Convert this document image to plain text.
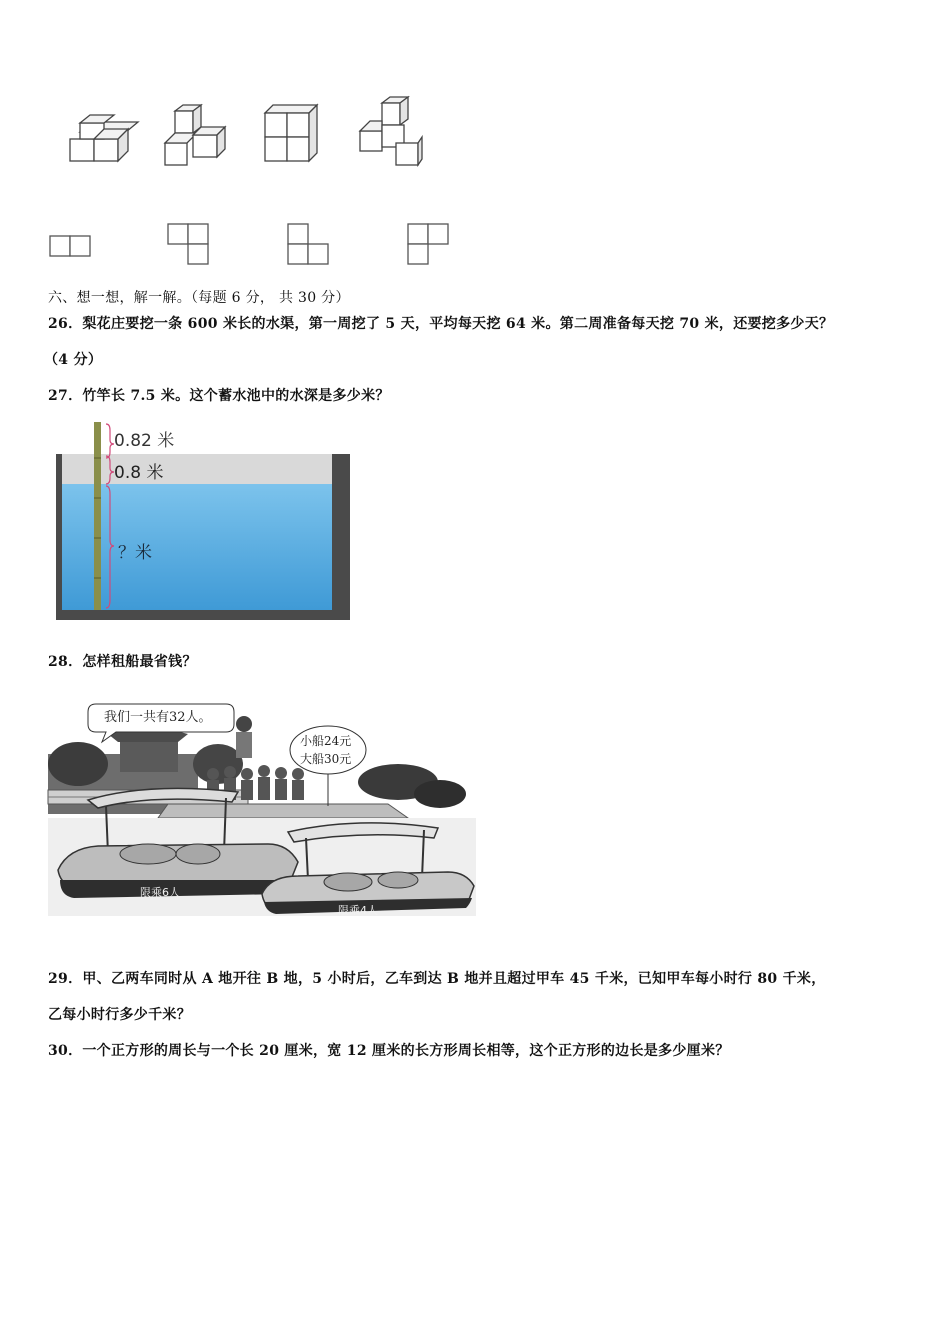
六、想一想，解一解。（每题 6 分， 共 30 分）
26．梨花庄要挖一条 600 米长的水渠，第一周挖了 5 天，平均每天挖 64 米。第二周准备每天挖 70 米，还要挖多少天？
（4 分）
27．竹竿长 7.5 米。这个蓄水池中的水深是多少米？
0.82 米
0.8 米
？米
28．怎样租船最省钱？
我们一共有32人。
小船24元
大船30元
限乘6人
限乘4人
29．甲、乙两车同时从 A 地开往 B 地，5 小时后，乙车到达 B 地并且超过甲车 45 千米，已知甲车每小时行 80 千米，
乙每小时行多少千米？
30．一个正方形的周长与一个长 20 厘米，宽 12 厘米的长方形周长相等，这个正方形的边长是多少厘米？
